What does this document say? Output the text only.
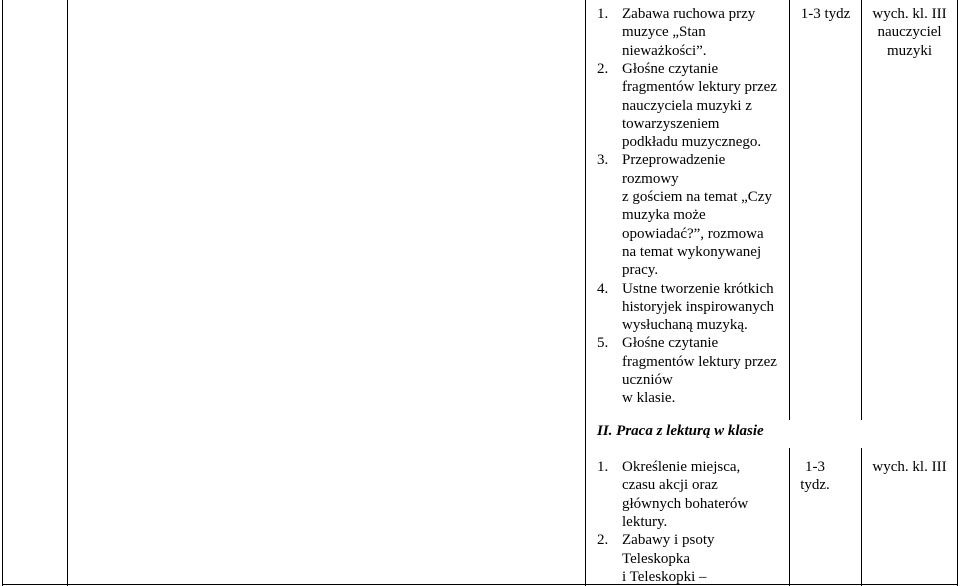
1. Zabawa ruchowa przy
muzyce „Stan
nieważkości”.
2. Głośne czytanie
fragmentów lektury przez
nauczyciela muzyki z
towarzyszeniem
podkładu muzycznego.
3. Przeprowadzenie
rozmowy
z gościem na temat „Czy
muzyka może
opowiadać?”, rozmowa
na temat wykonywanej
pracy.
4. Ustne tworzenie krótkich
historyjek inspirowanych
wysłuchaną muzyką.
5. Głośne czytanie
fragmentów lektury przez
uczniów
w klasie.
1-3 tydz	wych. kl. III
nauczyciel
muzyki
II. Praca z lekturą w klasie
1. Określenie miejsca,
czasu akcji oraz
głównych bohaterów
lektury.
2. Zabawy i psoty
Teleskopka
i Teleskopki –
1-3
tydz.
wych. kl. III
